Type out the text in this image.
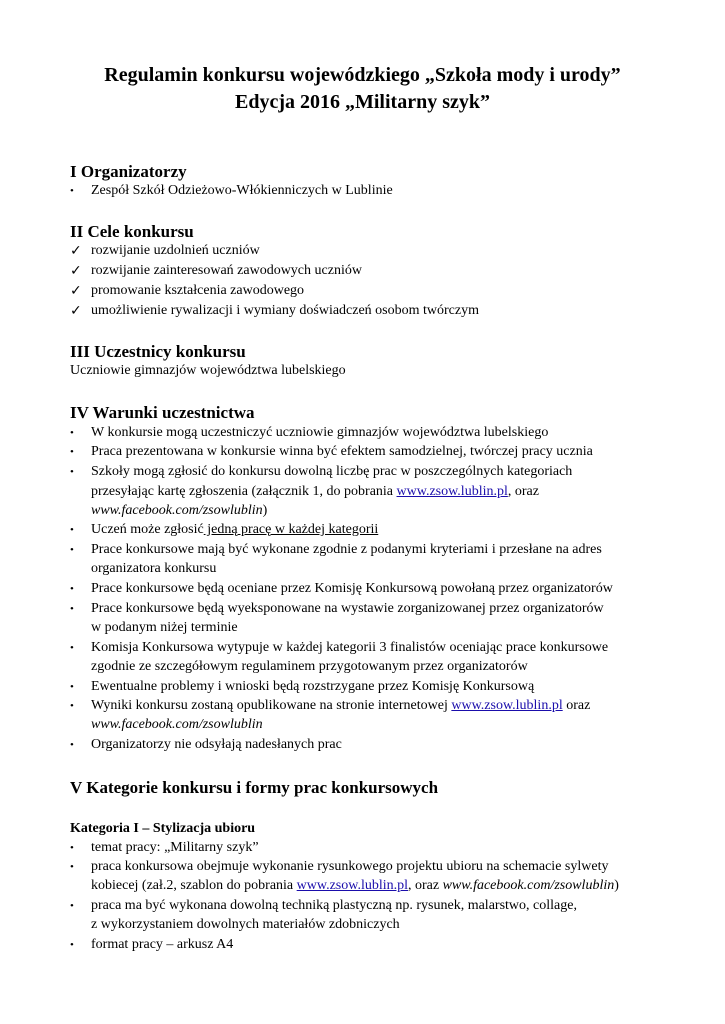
Regulamin konkursu wojewódzkiego „Szkoła mody i urody”
Edycja 2016 „Militarny szyk”
I Organizatorzy
• Zespół Szkół Odzieżowo-Włókienniczych w Lublinie
II Cele konkursu
✓ rozwijanie uzdolnień uczniów
✓ rozwijanie zainteresowań zawodowych uczniów
✓ promowanie kształcenia zawodowego
✓ umożliwienie rywalizacji i wymiany doświadczeń osobom twórczym
III Uczestnicy konkursu
Uczniowie gimnazjów województwa lubelskiego
IV Warunki uczestnictwa
• W konkursie mogą uczestniczyć uczniowie gimnazjów województwa lubelskiego
• Praca prezentowana w konkursie winna być efektem samodzielnej, twórczej pracy ucznia
• Szkoły mogą zgłosić do konkursu dowolną liczbę prac w poszczególnych kategoriach
przesyłając kartę zgłoszenia (załącznik 1, do pobrania www.zsow.lublin.pl, oraz
www.facebook.com/zsowlublin)
• Uczeń może zgłosić jedną pracę w każdej kategorii
• Prace konkursowe mają być wykonane zgodnie z podanymi kryteriami i przesłane na adres
organizatora konkursu
• Prace konkursowe będą oceniane przez Komisję Konkursową powołaną przez organizatorów
• Prace konkursowe będą wyeksponowane na wystawie zorganizowanej przez organizatorów
w podanym niżej terminie
• Komisja Konkursowa wytypuje w każdej kategorii 3 finalistów oceniając prace konkursowe
zgodnie ze szczegółowym regulaminem przygotowanym przez organizatorów
• Ewentualne problemy i wnioski będą rozstrzygane przez Komisję Konkursową
• Wyniki konkursu zostaną opublikowane na stronie internetowej www.zsow.lublin.pl oraz
www.facebook.com/zsowlublin
• Organizatorzy nie odsyłają nadesłanych prac
V Kategorie konkursu i formy prac konkursowych
Kategoria I – Stylizacja ubioru
• temat pracy: „Militarny szyk”
• praca konkursowa obejmuje wykonanie rysunkowego projektu ubioru na schemacie sylwety
kobiecej (zał.2, szablon do pobrania www.zsow.lublin.pl, oraz www.facebook.com/zsowlublin)
• praca ma być wykonana dowolną techniką plastyczną np. rysunek, malarstwo, collage,
z wykorzystaniem dowolnych materiałów zdobniczych
• format pracy – arkusz A4
